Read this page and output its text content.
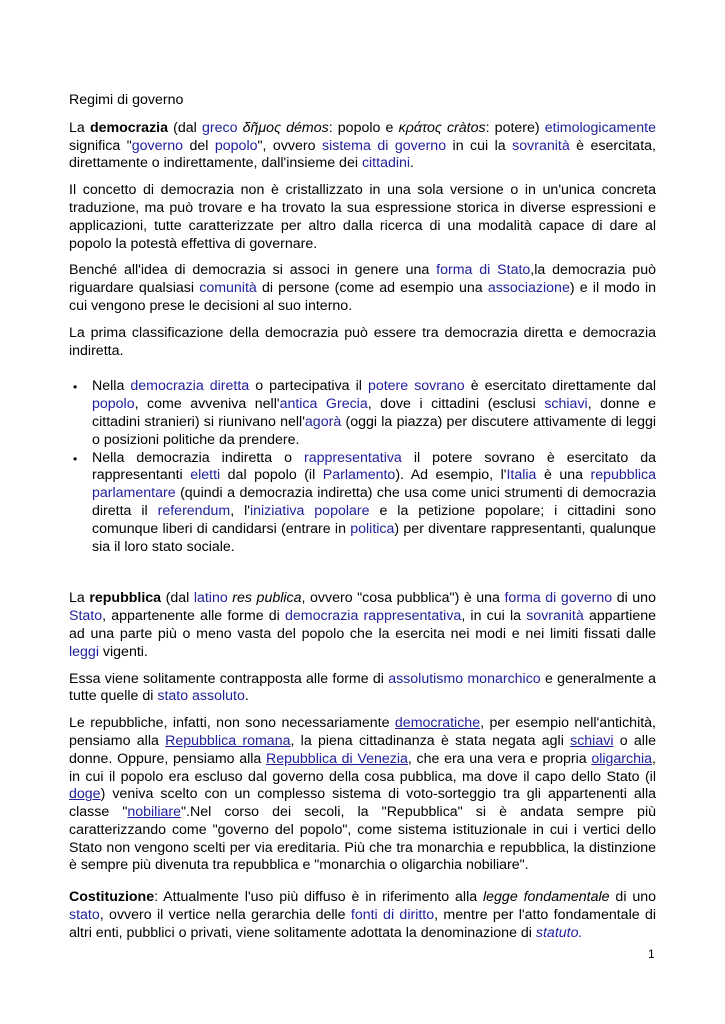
Regimi di governo

La democrazia (dal greco δῆμος démos: popolo e κράτος cràtos: potere) etimologicamente significa "governo del popolo", ovvero sistema di governo in cui la sovranità è esercitata, direttamente o indirettamente, dall'insieme dei cittadini.

Il concetto di democrazia non è cristallizzato in una sola versione o in un'unica concreta traduzione, ma può trovare e ha trovato la sua espressione storica in diverse espressioni e applicazioni, tutte caratterizzate per altro dalla ricerca di una modalità capace di dare al popolo la potestà effettiva di governare.

Benché all'idea di democrazia si associ in genere una forma di Stato,la democrazia può riguardare qualsiasi comunità di persone (come ad esempio una associazione) e il modo in cui vengono prese le decisioni al suo interno.

La prima classificazione della democrazia può essere tra democrazia diretta e democrazia indiretta.

• Nella democrazia diretta o partecipativa il potere sovrano è esercitato direttamente dal popolo, come avveniva nell'antica Grecia, dove i cittadini (esclusi schiavi, donne e cittadini stranieri) si riunivano nell'agorà (oggi la piazza) per discutere attivamente di leggi o posizioni politiche da prendere.
• Nella democrazia indiretta o rappresentativa il potere sovrano è esercitato da rappresentanti eletti dal popolo (il Parlamento). Ad esempio, l'Italia è una repubblica parlamentare (quindi a democrazia indiretta) che usa come unici strumenti di democrazia diretta il referendum, l'iniziativa popolare e la petizione popolare; i cittadini sono comunque liberi di candidarsi (entrare in politica) per diventare rappresentanti, qualunque sia il loro stato sociale.

La repubblica (dal latino res publica, ovvero "cosa pubblica") è una forma di governo di uno Stato, appartenente alle forme di democrazia rappresentativa, in cui la sovranità appartiene ad una parte più o meno vasta del popolo che la esercita nei modi e nei limiti fissati dalle leggi vigenti.

Essa viene solitamente contrapposta alle forme di assolutismo monarchico e generalmente a tutte quelle di stato assoluto.

Le repubbliche, infatti, non sono necessariamente democratiche, per esempio nell'antichità, pensiamo alla Repubblica romana, la piena cittadinanza è stata negata agli schiavi o alle donne. Oppure, pensiamo alla Repubblica di Venezia, che era una vera e propria oligarchia, in cui il popolo era escluso dal governo della cosa pubblica, ma dove il capo dello Stato (il doge) veniva scelto con un complesso sistema di voto-sorteggio tra gli appartenenti alla classe "nobiliare".Nel corso dei secoli, la "Repubblica" si è andata sempre più caratterizzando come "governo del popolo", come sistema istituzionale in cui i vertici dello Stato non vengono scelti per via ereditaria. Più che tra monarchia e repubblica, la distinzione è sempre più divenuta tra repubblica e "monarchia o oligarchia nobiliare".

Costituzione: Attualmente l'uso più diffuso è in riferimento alla legge fondamentale di uno stato, ovvero il vertice nella gerarchia delle fonti di diritto, mentre per l'atto fondamentale di altri enti, pubblici o privati, viene solitamente adottata la denominazione di statuto.

1
